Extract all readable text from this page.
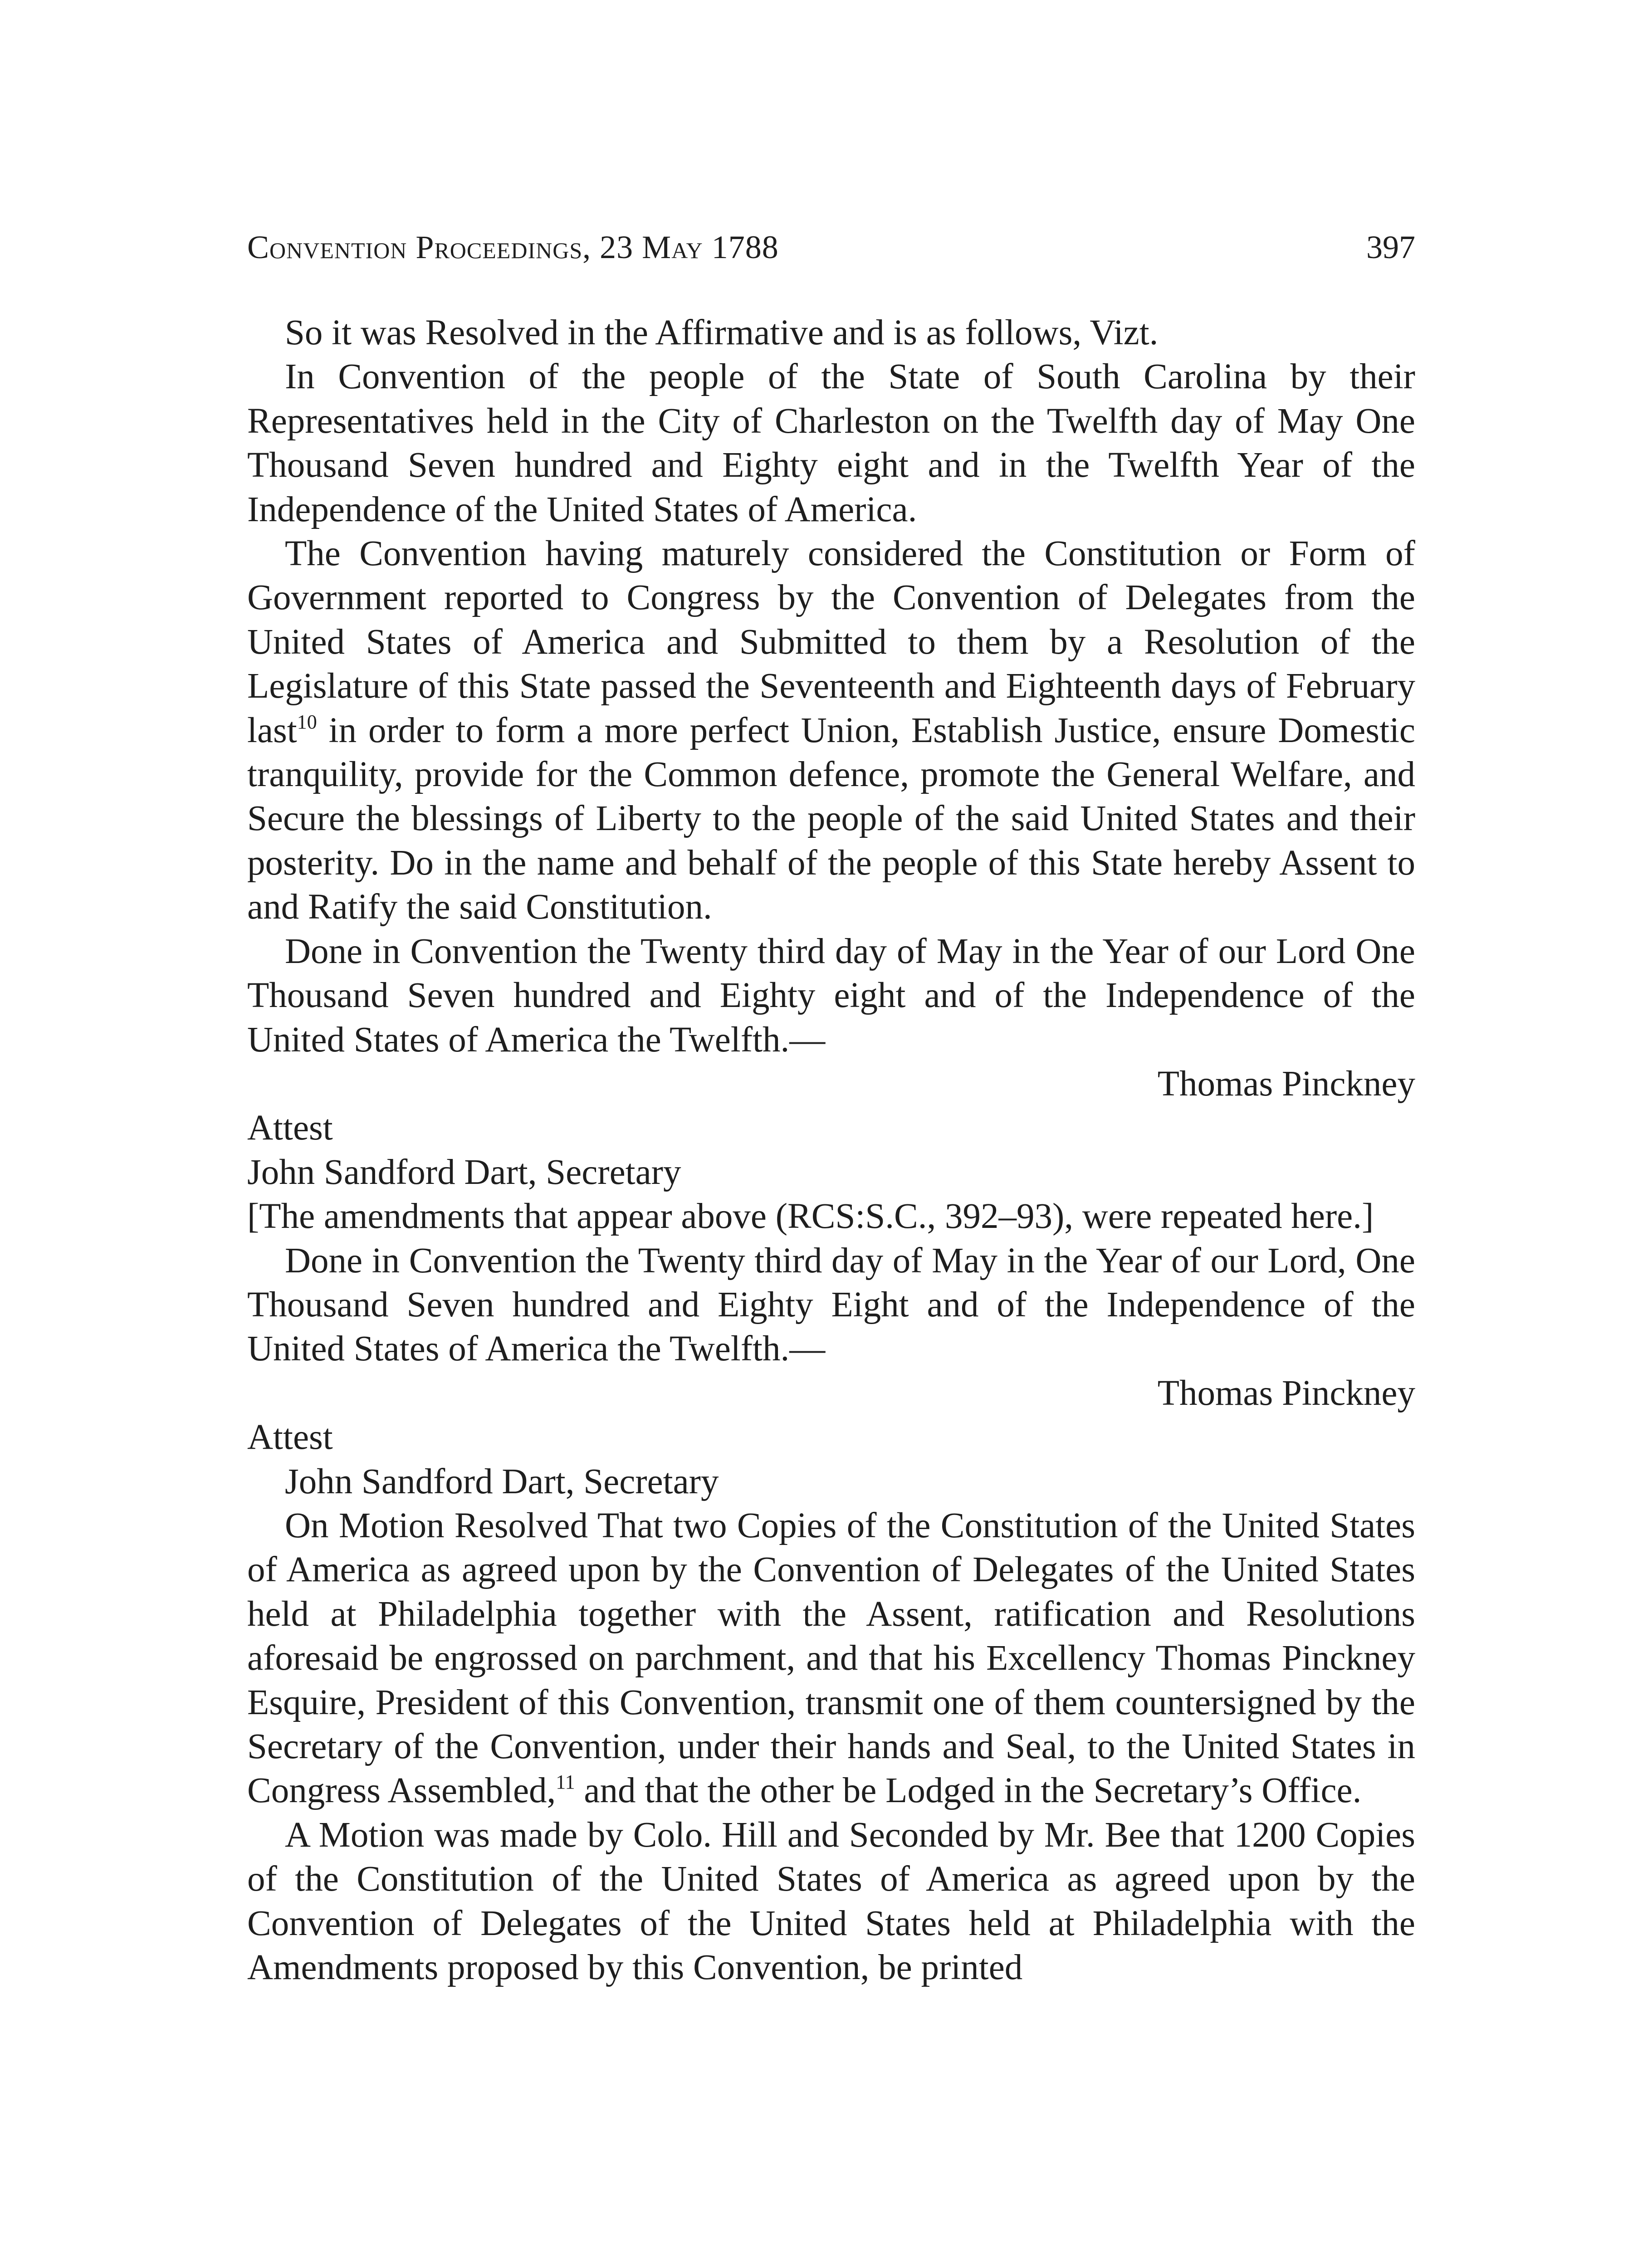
Convention Proceedings, 23 May 1788	397

So it was Resolved in the Affirmative and is as follows, Vizt.

In Convention of the people of the State of South Carolina by their Representatives held in the City of Charleston on the Twelfth day of May One Thousand Seven hundred and Eighty eight and in the Twelfth Year of the Independence of the United States of America.

The Convention having maturely considered the Constitution or Form of Government reported to Congress by the Convention of Delegates from the United States of America and Submitted to them by a Resolution of the Legislature of this State passed the Seventeenth and Eighteenth days of February last$^{10}$ in order to form a more perfect Union, Establish Justice, ensure Domestic tranquility, provide for the Common defence, promote the General Welfare, and Secure the blessings of Liberty to the people of the said United States and their posterity. Do in the name and behalf of the people of this State hereby Assent to and Ratify the said Constitution.

Done in Convention the Twenty third day of May in the Year of our Lord One Thousand Seven hundred and Eighty eight and of the Independence of the United States of America the Twelfth.—

Thomas Pinckney

Attest

John Sandford Dart, Secretary

[The amendments that appear above (RCS:S.C., 392–93), were repeated here.]

Done in Convention the Twenty third day of May in the Year of our Lord, One Thousand Seven hundred and Eighty Eight and of the Independence of the United States of America the Twelfth.—

Thomas Pinckney

Attest

John Sandford Dart, Secretary

On Motion Resolved That two Copies of the Constitution of the United States of America as agreed upon by the Convention of Delegates of the United States held at Philadelphia together with the Assent, ratification and Resolutions aforesaid be engrossed on parchment, and that his Excellency Thomas Pinckney Esquire, President of this Convention, transmit one of them countersigned by the Secretary of the Convention, under their hands and Seal, to the United States in Congress Assembled,$^{11}$ and that the other be Lodged in the Secretary’s Office.

A Motion was made by Colo. Hill and Seconded by Mr. Bee that 1200 Copies of the Constitution of the United States of America as agreed upon by the Convention of Delegates of the United States held at Philadelphia with the Amendments proposed by this Convention, be printed
